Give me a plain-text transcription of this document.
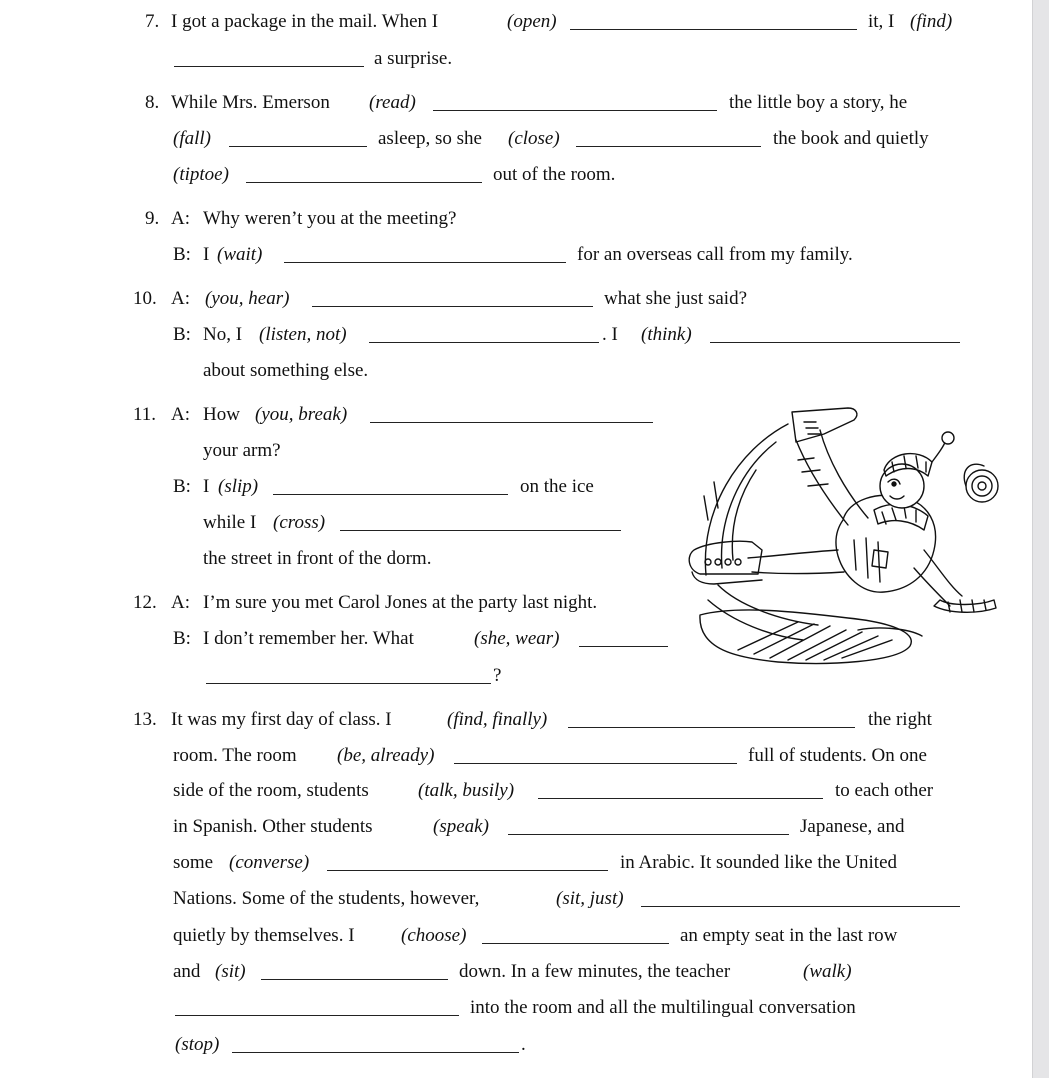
7. I got a package in the mail. When I	(open)	it, I (find)
a surprise.
8. While Mrs. Emerson (read)	the little boy a story, he
(fall)	asleep, so she (close)	the book and quietly
(tiptoe)	out of the room.
9. A: Why weren’t you at the meeting?
B: I (wait)	for an overseas call from my family.
10. A: (you, hear)	what she just said?
B: No, I (listen, not)	. I (think)
about something else.
11. A: How (you, break)
your arm?
B: I (slip)	on the ice
while I (cross)
the street in front of the dorm.
12. A: I’m sure you met Carol Jones at the party last night.
B: I don’t remember her. What	(she, wear)
?
13. It was my first day of class. I	(find, finally)	the right
room. The room (be, already)	full of students. On one
side of the room, students	(talk, busily)	to each other
in Spanish. Other students	(speak)	Japanese, and
some (converse)	in Arabic. It sounded like the United
Nations. Some of the students, however,	(sit, just)
quietly by themselves. I (choose)	an empty seat in the last row
and (sit)	down. In a few minutes, the teacher	(walk)
into the room and all the multilingual conversation
(stop)	.
